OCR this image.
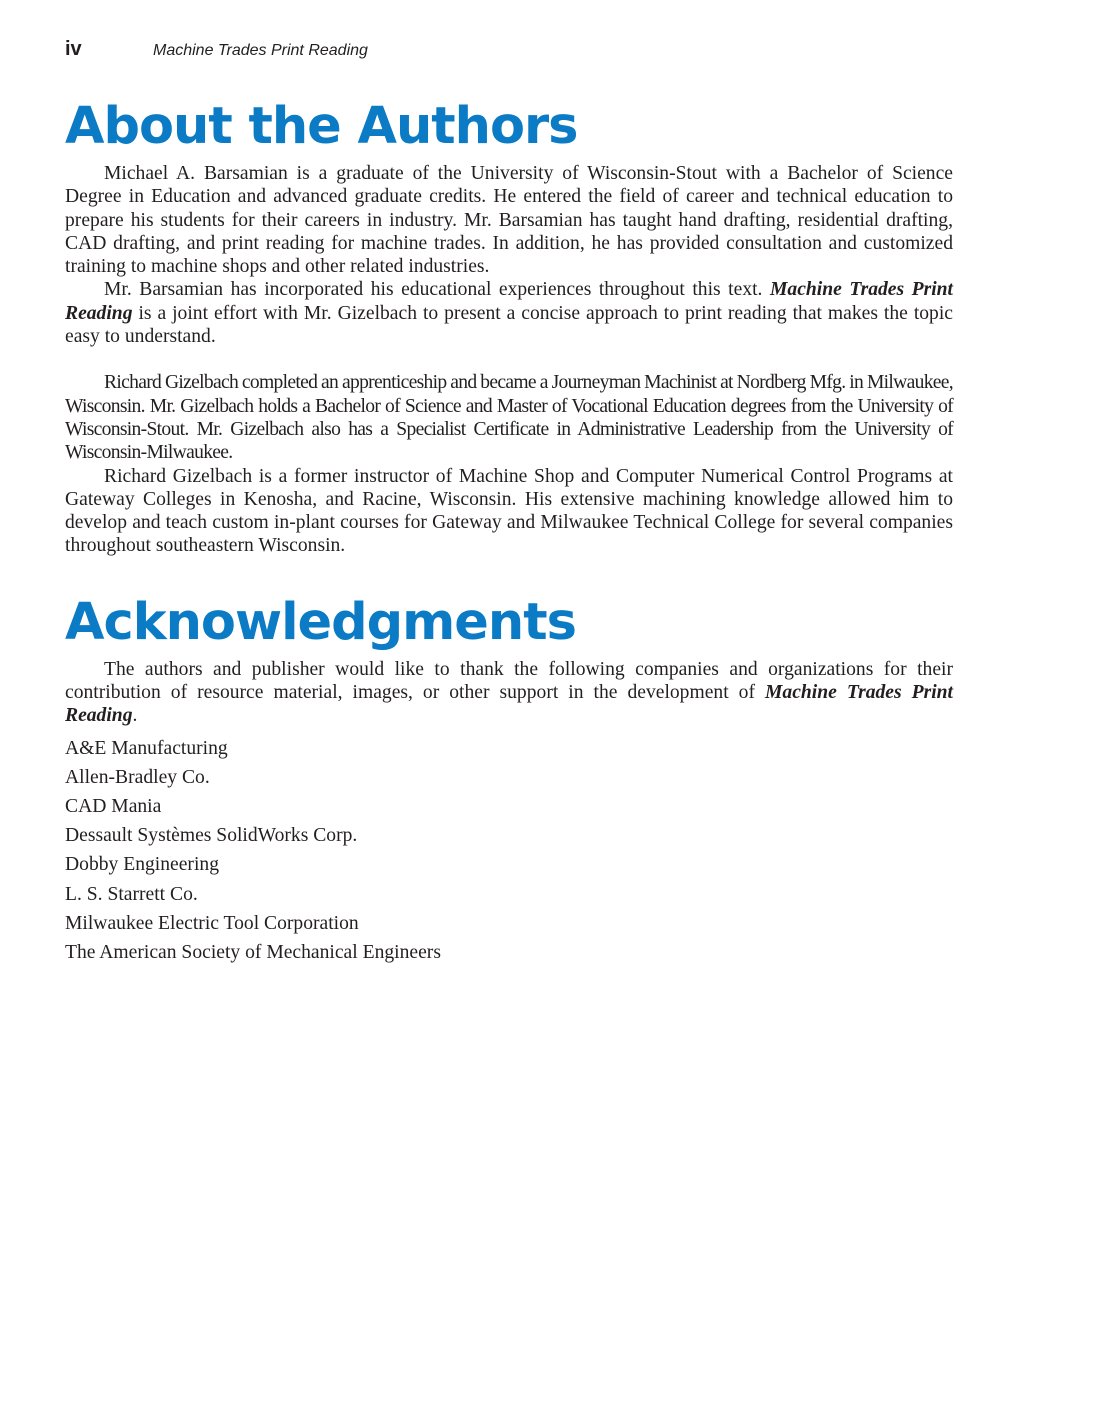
iv	Machine Trades Print Reading
About the Authors

Michael A. Barsamian is a graduate of the University of Wisconsin-Stout with a Bachelor of Science Degree in Education and advanced graduate credits. He entered the field of career and technical education to prepare his students for their careers in industry. Mr. Barsamian has taught hand drafting, residential drafting, CAD drafting, and print reading for machine trades. In addition, he has provided consultation and customized training to machine shops and other related industries.

Mr. Barsamian has incorporated his educational experiences throughout this text. Machine Trades Print Reading is a joint effort with Mr. Gizelbach to present a concise approach to print reading that makes the topic easy to understand.

Richard Gizelbach completed an apprenticeship and became a Journeyman Machinist at Nordberg Mfg. in Milwaukee, Wisconsin. Mr. Gizelbach holds a Bachelor of Science and Master of Vocational Education degrees from the University of Wisconsin-Stout. Mr. Gizelbach also has a Specialist Certificate in Administrative Leadership from the University of Wisconsin-Milwaukee.

Richard Gizelbach is a former instructor of Machine Shop and Computer Numerical Control Programs at Gateway Colleges in Kenosha, and Racine, Wisconsin. His extensive machining knowledge allowed him to develop and teach custom in-plant courses for Gateway and Milwaukee Technical College for several companies throughout southeastern Wisconsin.

Acknowledgments

The authors and publisher would like to thank the following companies and organizations for their contribution of resource material, images, or other support in the development of Machine Trades Print Reading.

A&E Manufacturing
Allen-Bradley Co.
CAD Mania
Dessault Systèmes SolidWorks Corp.
Dobby Engineering
L. S. Starrett Co.
Milwaukee Electric Tool Corporation
The American Society of Mechanical Engineers
